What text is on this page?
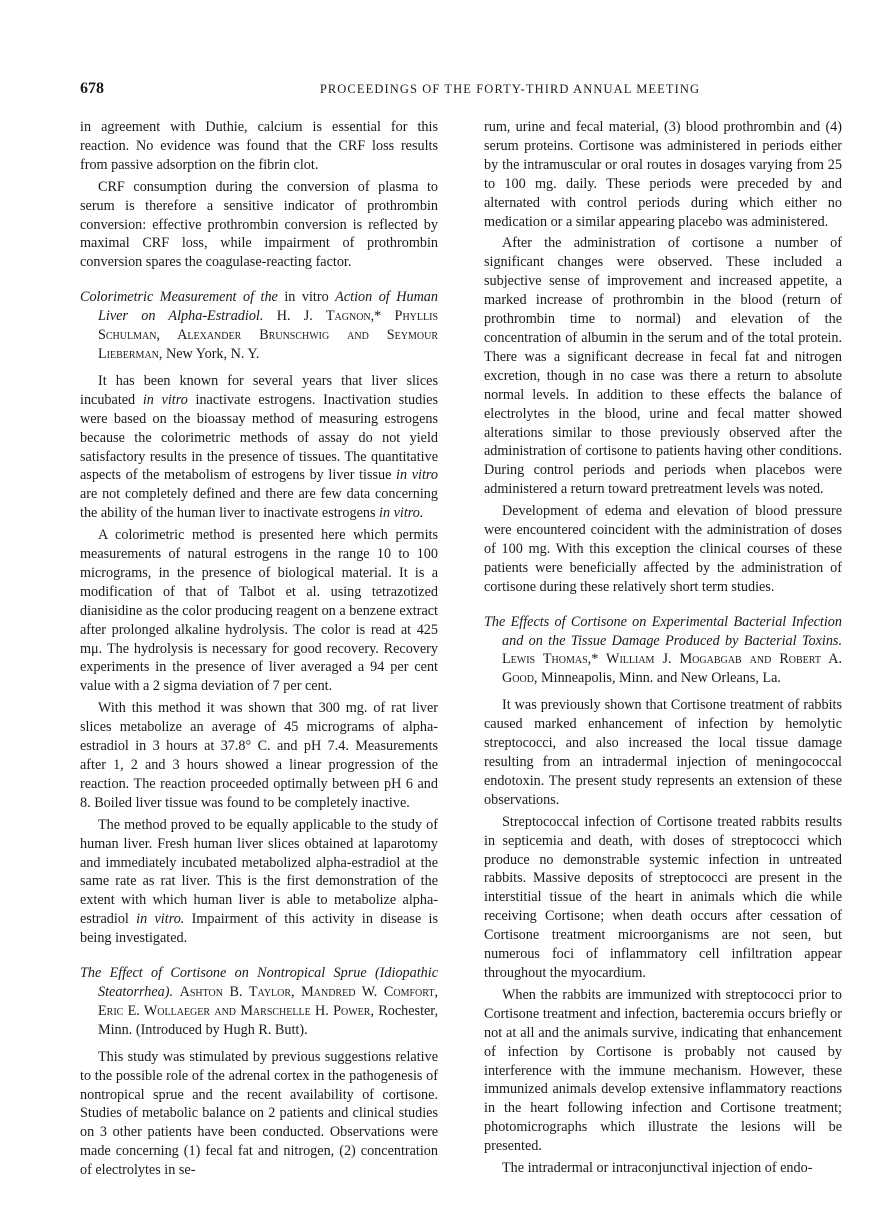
678	PROCEEDINGS OF THE FORTY-THIRD ANNUAL MEETING

in agreement with Duthie, calcium is essential for this reaction. No evidence was found that the CRF loss results from passive adsorption on the fibrin clot.

CRF consumption during the conversion of plasma to serum is therefore a sensitive indicator of prothrombin conversion: effective prothrombin conversion is reflected by maximal CRF loss, while impairment of prothrombin conversion spares the coagulase-reacting factor.

Colorimetric Measurement of the in vitro Action of Human Liver on Alpha-Estradiol. H. J. Tagnon,* Phyllis Schulman, Alexander Brunschwig and Seymour Lieberman, New York, N. Y.

It has been known for several years that liver slices incubated in vitro inactivate estrogens. Inactivation studies were based on the bioassay method of measuring estrogens because the colorimetric methods of assay do not yield satisfactory results in the presence of tissues. The quantitative aspects of the metabolism of estrogens by liver tissue in vitro are not completely defined and there are few data concerning the ability of the human liver to inactivate estrogens in vitro.

A colorimetric method is presented here which permits measurements of natural estrogens in the range 10 to 100 micrograms, in the presence of biological material. It is a modification of that of Talbot et al. using tetrazotized dianisidine as the color producing reagent on a benzene extract after prolonged alkaline hydrolysis. The color is read at 425 mμ. The hydrolysis is necessary for good recovery. Recovery experiments in the presence of liver averaged a 94 per cent value with a 2 sigma deviation of 7 per cent.

With this method it was shown that 300 mg. of rat liver slices metabolize an average of 45 micrograms of alpha-estradiol in 3 hours at 37.8° C. and pH 7.4. Measurements after 1, 2 and 3 hours showed a linear progression of the reaction. The reaction proceeded optimally between pH 6 and 8. Boiled liver tissue was found to be completely inactive.

The method proved to be equally applicable to the study of human liver. Fresh human liver slices obtained at laparotomy and immediately incubated metabolized alpha-estradiol at the same rate as rat liver. This is the first demonstration of the extent with which human liver is able to metabolize alpha-estradiol in vitro. Impairment of this activity in disease is being investigated.

The Effect of Cortisone on Nontropical Sprue (Idiopathic Steatorrhea). Ashton B. Taylor, Mandred W. Comfort, Eric E. Wollaeger and Marschelle H. Power, Rochester, Minn. (Introduced by Hugh R. Butt).

This study was stimulated by previous suggestions relative to the possible role of the adrenal cortex in the pathogenesis of nontropical sprue and the recent availability of cortisone. Studies of metabolic balance on 2 patients and clinical studies on 3 other patients have been conducted. Observations were made concerning (1) fecal fat and nitrogen, (2) concentration of electrolytes in se-

rum, urine and fecal material, (3) blood prothrombin and (4) serum proteins. Cortisone was administered in periods either by the intramuscular or oral routes in dosages varying from 25 to 100 mg. daily. These periods were preceded by and alternated with control periods during which either no medication or a similar appearing placebo was administered.

After the administration of cortisone a number of significant changes were observed. These included a subjective sense of improvement and increased appetite, a marked increase of prothrombin in the blood (return of prothrombin time to normal) and elevation of the concentration of albumin in the serum and of the total protein. There was a significant decrease in fecal fat and nitrogen excretion, though in no case was there a return to absolute normal levels. In addition to these effects the balance of electrolytes in the blood, urine and fecal matter showed alterations similar to those previously observed after the administration of cortisone to patients having other conditions. During control periods and periods when placebos were administered a return toward pretreatment levels was noted.

Development of edema and elevation of blood pressure were encountered coincident with the administration of doses of 100 mg. With this exception the clinical courses of these patients were beneficially affected by the administration of cortisone during these relatively short term studies.

The Effects of Cortisone on Experimental Bacterial Infection and on the Tissue Damage Produced by Bacterial Toxins. Lewis Thomas,* William J. Mogabgab and Robert A. Good, Minneapolis, Minn. and New Orleans, La.

It was previously shown that Cortisone treatment of rabbits caused marked enhancement of infection by hemolytic streptococci, and also increased the local tissue damage resulting from an intradermal injection of meningococcal endotoxin. The present study represents an extension of these observations.

Streptococcal infection of Cortisone treated rabbits results in septicemia and death, with doses of streptococci which produce no demonstrable systemic infection in untreated rabbits. Massive deposits of streptococci are present in the interstitial tissue of the heart in animals which die while receiving Cortisone; when death occurs after cessation of Cortisone treatment microorganisms are not seen, but numerous foci of inflammatory cell infiltration appear throughout the myocardium.

When the rabbits are immunized with streptococci prior to Cortisone treatment and infection, bacteremia occurs briefly or not at all and the animals survive, indicating that enhancement of infection by Cortisone is probably not caused by interference with the immune mechanism. However, these immunized animals develop extensive inflammatory reactions in the heart following infection and Cortisone treatment; photomicrographs which illustrate the lesions will be presented.

The intradermal or intraconjunctival injection of endo-
